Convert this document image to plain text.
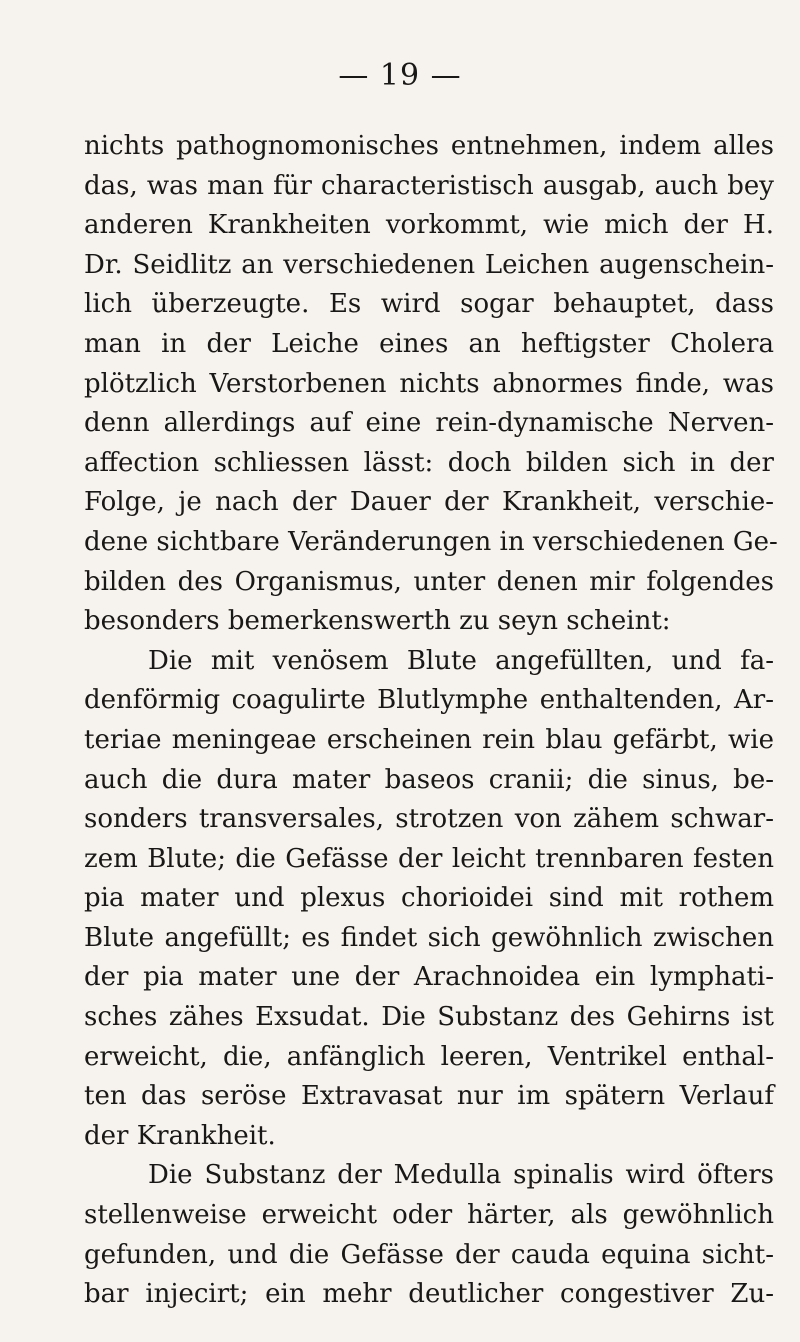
— 19 —
nichts pathognomonisches entnehmen, indem alles
das, was man für characteristisch ausgab, auch bey
anderen Krankheiten vorkommt, wie mich der H.
Dr. Seidlitz an verschiedenen Leichen augenschein-
lich überzeugte. Es wird sogar behauptet, dass
man in der Leiche eines an heftigster Cholera
plötzlich Verstorbenen nichts abnormes finde, was
denn allerdings auf eine rein-dynamische Nerven-
affection schliessen lässt: doch bilden sich in der
Folge, je nach der Dauer der Krankheit, verschie-
dene sichtbare Veränderungen in verschiedenen Ge-
bilden des Organismus, unter denen mir folgendes
besonders bemerkenswerth zu seyn scheint:
Die mit venösem Blute angefüllten, und fa-
denförmig coagulirte Blutlymphe enthaltenden, Ar-
teriae meningeae erscheinen rein blau gefärbt, wie
auch die dura mater baseos cranii; die sinus, be-
sonders transversales, strotzen von zähem schwar-
zem Blute; die Gefässe der leicht trennbaren festen
pia mater und plexus chorioidei sind mit rothem
Blute angefüllt; es findet sich gewöhnlich zwischen
der pia mater une der Arachnoidea ein lymphati-
sches zähes Exsudat. Die Substanz des Gehirns ist
erweicht, die, anfänglich leeren, Ventrikel enthal-
ten das seröse Extravasat nur im spätern Verlauf
der Krankheit.
Die Substanz der Medulla spinalis wird öfters
stellenweise erweicht oder härter, als gewöhnlich
gefunden, und die Gefässe der cauda equina sicht-
bar injecirt; ein mehr deutlicher congestiver Zu-
